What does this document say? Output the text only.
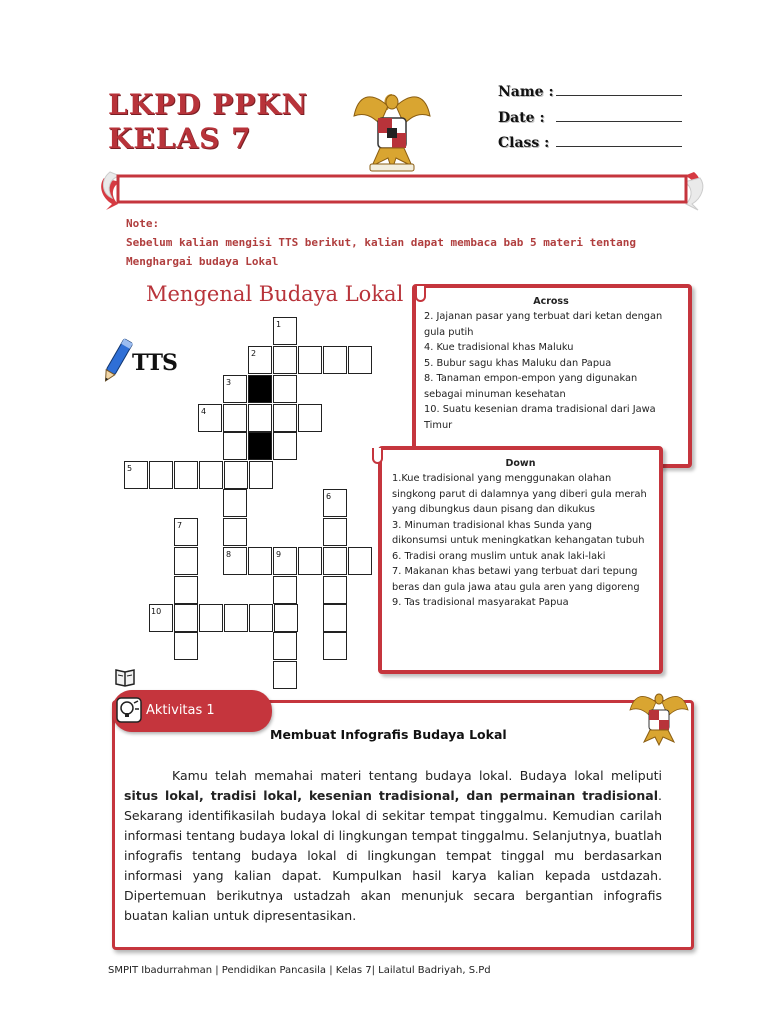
LKPD PPKN
KELAS 7
Name :
Date :
Class :
Note:
Sebelum kalian mengisi TTS berikut, kalian dapat membaca bab 5 materi tentang
Menghargai budaya Lokal
Mengenal Budaya Lokal
TTS
1
2
3
4
5
6
7
8	9
10
Across
2. Jajanan pasar yang terbuat dari ketan dengan gula putih
4. Kue tradisional khas Maluku
5. Bubur sagu khas Maluku dan Papua
8. Tanaman empon-empon yang digunakan sebagai minuman kesehatan
10. Suatu kesenian drama tradisional dari Jawa Timur
Down
1.Kue tradisional yang menggunakan olahan singkong parut di dalamnya yang diberi gula merah yang dibungkus daun pisang dan dikukus
3. Minuman tradisional khas Sunda yang dikonsumsi untuk meningkatkan kehangatan tubuh
6. Tradisi orang muslim untuk anak laki-laki
7. Makanan khas betawi yang terbuat dari tepung beras dan gula jawa atau gula aren yang digoreng
9. Tas tradisional masyarakat Papua
Aktivitas 1
Membuat Infografis Budaya Lokal
Kamu telah memahai materi tentang budaya lokal. Budaya lokal meliputi situs lokal, tradisi lokal, kesenian tradisional, dan permainan tradisional. Sekarang identifikasilah budaya lokal di sekitar tempat tinggalmu. Kemudian carilah informasi tentang budaya lokal di lingkungan tempat tinggalmu. Selanjutnya, buatlah infografis tentang budaya lokal di lingkungan tempat tinggal mu berdasarkan informasi yang kalian dapat. Kumpulkan hasil karya kalian kepada ustdazah. Dipertemuan berikutnya ustadzah akan menunjuk secara bergantian infografis buatan kalian untuk dipresentasikan.
SMPIT Ibadurrahman | Pendidikan Pancasila | Kelas 7| Lailatul Badriyah, S.Pd
